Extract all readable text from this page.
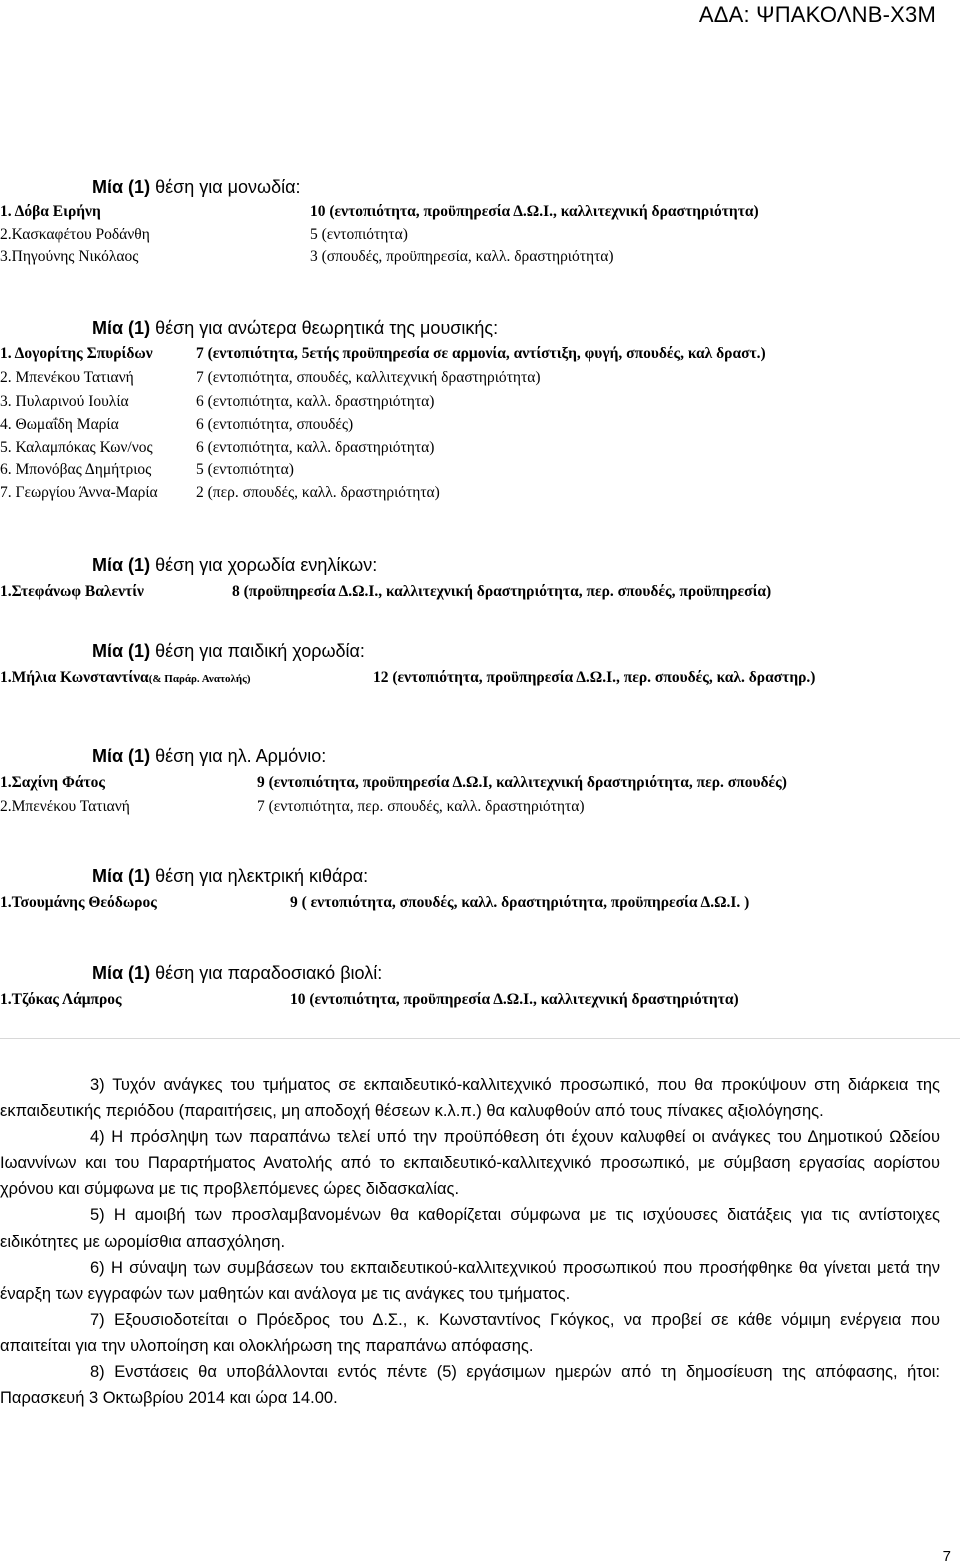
ΑΔΑ: ΨΠΑΚΟΛΝΒ-Χ3Μ
Μία (1) θέση για μονωδία:
1. Δόβα Ειρήνη	10 (εντοπιότητα, προϋπηρεσία Δ.Ω.Ι., καλλιτεχνική δραστηριότητα)
2.Κασκαφέτου Ροδάνθη	5 (εντοπιότητα)
3.Πηγούνης Νικόλαος	3 (σπουδές, προϋπηρεσία, καλλ. δραστηριότητα)
Μία (1) θέση για ανώτερα θεωρητικά της μουσικής:
1. Δογορίτης Σπυρίδων	7 (εντοπιότητα, 5ετής προϋπηρεσία σε αρμονία, αντίστιξη, φυγή, σπουδές, καλ δραστ.)
2. Μπενέκου Τατιανή	7 (εντοπιότητα, σπουδές, καλλιτεχνική δραστηριότητα)
3. Πυλαρινού Ιουλία	6 (εντοπιότητα, καλλ. δραστηριότητα)
4. Θωμαΐδη Μαρία	6 (εντοπιότητα, σπουδές)
5. Καλαμπόκας Κων/νος	6 (εντοπιότητα, καλλ. δραστηριότητα)
6. Μπονόβας Δημήτριος	5 (εντοπιότητα)
7. Γεωργίου Άννα-Μαρία 2 (περ. σπουδές, καλλ. δραστηριότητα)
Μία (1) θέση για χορωδία ενηλίκων:
1.Στεφάνωφ Βαλεντίν	8 (προϋπηρεσία Δ.Ω.Ι., καλλιτεχνική δραστηριότητα, περ. σπουδές, προϋπηρεσία)
Μία (1) θέση για παιδική χορωδία:
1.Μήλια Κωνσταντίνα(& Παράρ. Ανατολής)	12 (εντοπιότητα, προϋπηρεσία Δ.Ω.Ι., περ. σπουδές, καλ. δραστηρ.)
Μία (1) θέση για ηλ. Αρμόνιο:
1.Σαχίνη Φάτος	9 (εντοπιότητα, προϋπηρεσία Δ.Ω.Ι, καλλιτεχνική δραστηριότητα, περ. σπουδές)
2.Μπενέκου Τατιανή	7 (εντοπιότητα, περ. σπουδές, καλλ. δραστηριότητα)
Μία (1) θέση για ηλεκτρική κιθάρα:
1.Τσουμάνης Θεόδωρος	9 ( εντοπιότητα, σπουδές, καλλ. δραστηριότητα, προϋπηρεσία Δ.Ω.Ι. )
Μία (1) θέση για παραδοσιακό βιολί:
1.Τζόκας Λάμπρος	10 (εντοπιότητα, προϋπηρεσία Δ.Ω.Ι., καλλιτεχνική δραστηριότητα)

3) Τυχόν ανάγκες του τμήματος σε εκπαιδευτικό-καλλιτεχνικό προσωπικό, που θα προκύψουν στη διάρκεια της εκπαιδευτικής περιόδου (παραιτήσεις, μη αποδοχή θέσεων κ.λ.π.) θα καλυφθούν από τους πίνακες αξιολόγησης.

4) Η πρόσληψη των παραπάνω τελεί υπό την προϋπόθεση ότι έχουν καλυφθεί οι ανάγκες του Δημοτικού Ωδείου Ιωαννίνων και του Παραρτήματος Ανατολής από το εκπαιδευτικό-καλλιτεχνικό προσωπικό, με σύμβαση εργασίας αορίστου χρόνου και σύμφωνα με τις προβλεπόμενες ώρες διδασκαλίας.

5) Η αμοιβή των προσλαμβανομένων θα καθορίζεται σύμφωνα με τις ισχύουσες διατάξεις για τις αντίστοιχες ειδικότητες με ωρομίσθια απασχόληση.

6) Η σύναψη των συμβάσεων του εκπαιδευτικού-καλλιτεχνικού προσωπικού που προσήφθηκε θα γίνεται μετά την έναρξη των εγγραφών των μαθητών και ανάλογα με τις ανάγκες του τμήματος.

7) Εξουσιοδοτείται ο Πρόεδρος του Δ.Σ., κ. Κωνσταντίνος Γκόγκος, να προβεί σε κάθε νόμιμη ενέργεια που απαιτείται για την υλοποίηση και ολοκλήρωση της παραπάνω απόφασης.

8) Ενστάσεις θα υποβάλλονται εντός πέντε (5) εργάσιμων ημερών από τη δημοσίευση της απόφασης, ήτοι: Παρασκευή 3 Οκτωβρίου 2014 και ώρα 14.00.

7
